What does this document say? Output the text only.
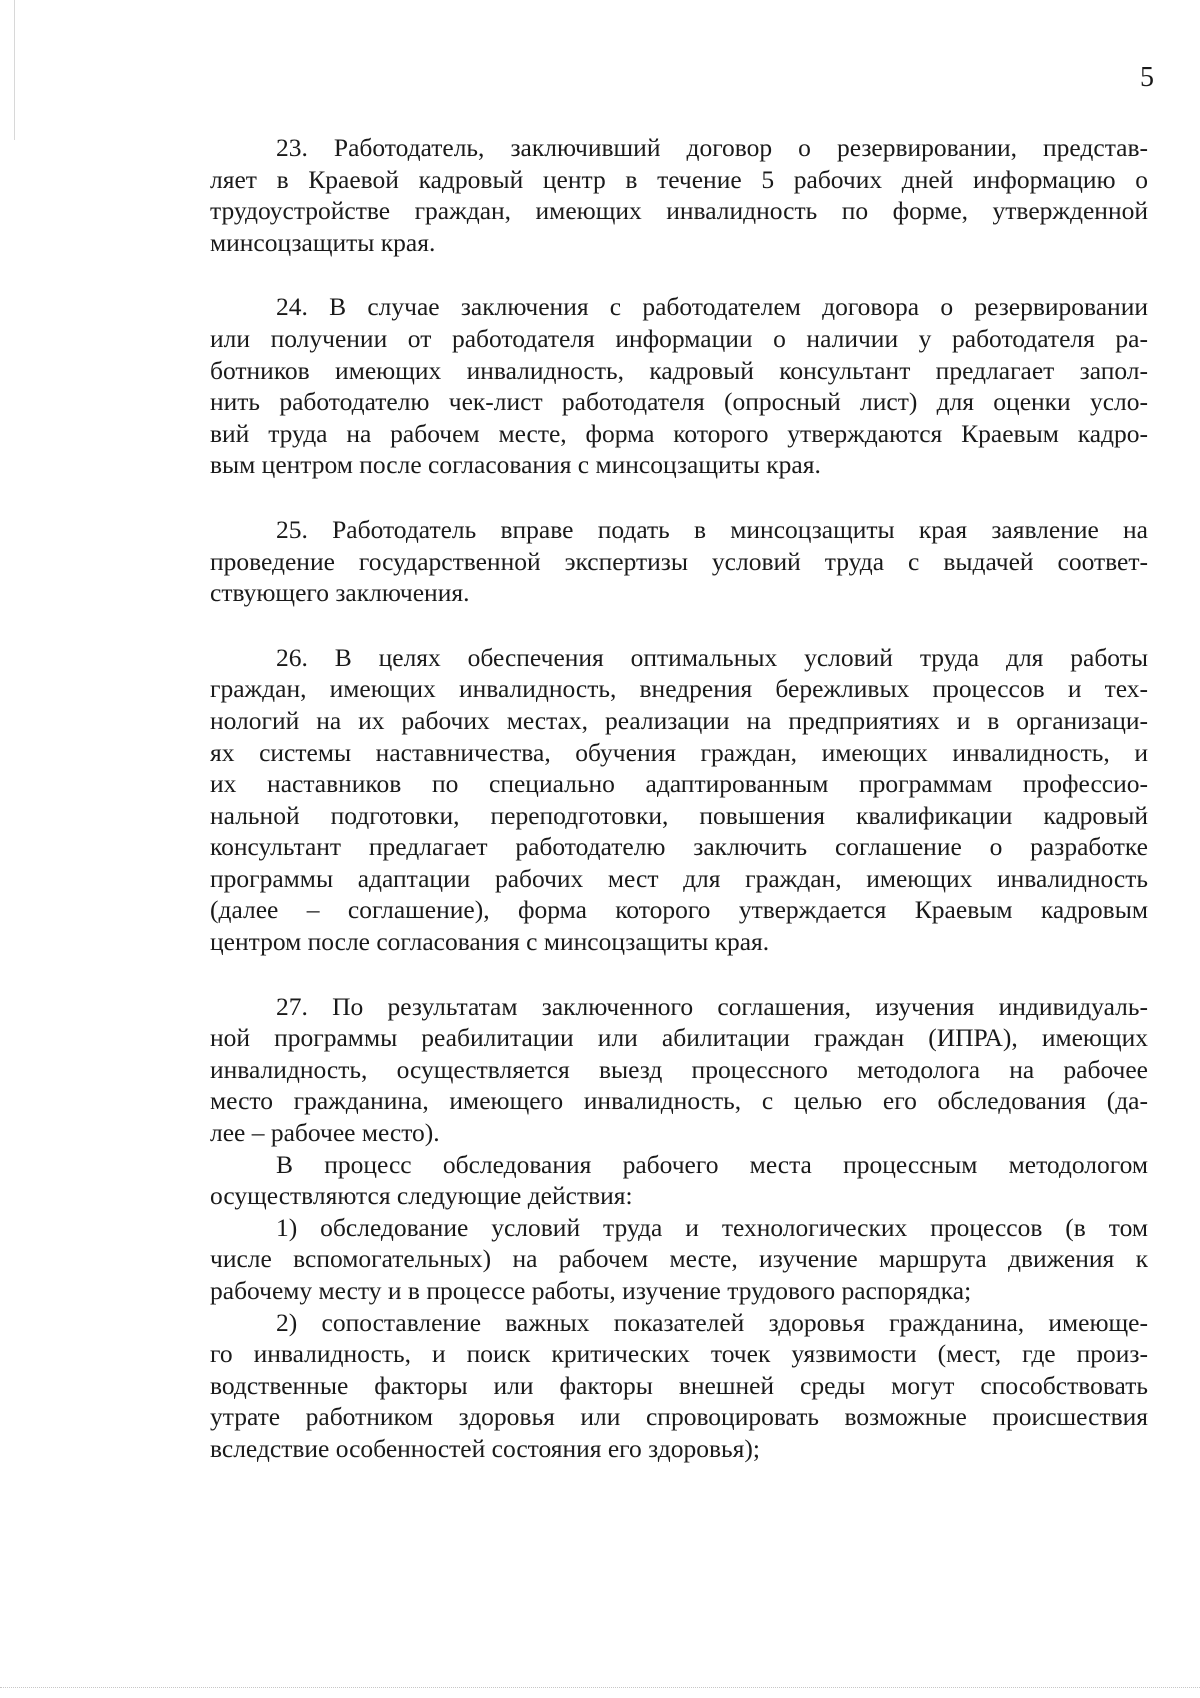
5

23. Работодатель, заключивший договор о резервировании, представ-
ляет в Краевой кадровый центр в течение 5 рабочих дней информацию о
трудоустройстве граждан, имеющих инвалидность по форме, утвержденной
минсоцзащиты края.

24. В случае заключения с работодателем договора о резервировании
или получении от работодателя информации о наличии у работодателя ра-
ботников имеющих инвалидность, кадровый консультант предлагает запол-
нить работодателю чек-лист работодателя (опросный лист) для оценки усло-
вий труда на рабочем месте, форма которого утверждаются Краевым кадро-
вым центром после согласования с минсоцзащиты края.

25. Работодатель вправе подать в минсоцзащиты края заявление на
проведение государственной экспертизы условий труда с выдачей соответ-
ствующего заключения.

26. В целях обеспечения оптимальных условий труда для работы
граждан, имеющих инвалидность, внедрения бережливых процессов и тех-
нологий на их рабочих местах, реализации на предприятиях и в организаци-
ях системы наставничества, обучения граждан, имеющих инвалидность, и
их наставников по специально адаптированным программам профессио-
нальной подготовки, переподготовки, повышения квалификации кадровый
консультант предлагает работодателю заключить соглашение о разработке
программы адаптации рабочих мест для граждан, имеющих инвалидность
(далее – соглашение), форма которого утверждается Краевым кадровым
центром после согласования с минсоцзащиты края.

27. По результатам заключенного соглашения, изучения индивидуаль-
ной программы реабилитации или абилитации граждан (ИПРА), имеющих
инвалидность, осуществляется выезд процессного методолога на рабочее
место гражданина, имеющего инвалидность, с целью его обследования (да-
лее – рабочее место).

В процесс обследования рабочего места процессным методологом
осуществляются следующие действия:

1) обследование условий труда и технологических процессов (в том
числе вспомогательных) на рабочем месте, изучение маршрута движения к
рабочему месту и в процессе работы, изучение трудового распорядка;

2) сопоставление важных показателей здоровья гражданина, имеюще-
го инвалидность, и поиск критических точек уязвимости (мест, где произ-
водственные факторы или факторы внешней среды могут способствовать
утрате работником здоровья или спровоцировать возможные происшествия
вследствие особенностей состояния его здоровья);
